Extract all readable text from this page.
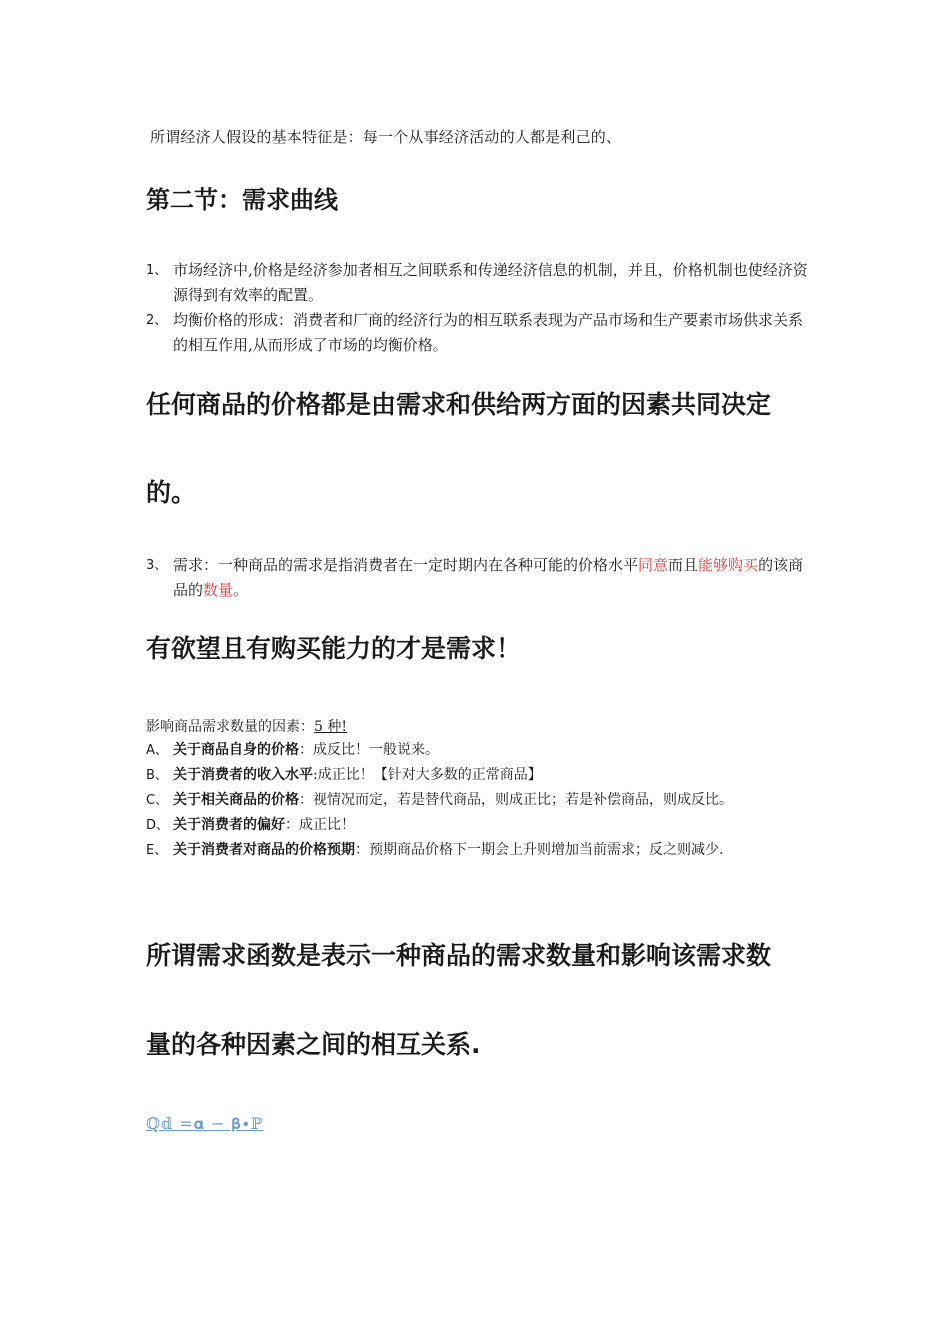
所谓经济人假设的基本特征是：每一个从事经济活动的人都是利己的、
第二节：需求曲线
1、 市场经济中,价格是经济参加者相互之间联系和传递经济信息的机制，并且，价格机制也使经济资源得到有效率的配置。
2、 均衡价格的形成：消费者和厂商的经济行为的相互联系表现为产品市场和生产要素市场供求关系的相互作用,从而形成了市场的均衡价格。
任何商品的价格都是由需求和供给两方面的因素共同决定
的。
3、 需求：一种商品的需求是指消费者在一定时期内在各种可能的价格水平同意而且能够购买的该商品的数量。
有欲望且有购买能力的才是需求！
影响商品需求数量的因素：5 种!
A、 关于商品自身的价格：成反比！一般说来。
B、 关于消费者的收入水平:成正比！【针对大多数的正常商品】
C、 关于相关商品的价格：视情况而定，若是替代商品，则成正比；若是补偿商品，则成反比。
D、 关于消费者的偏好：成正比！
E、 关于消费者对商品的价格预期：预期商品价格下一期会上升则增加当前需求；反之则减少.
所谓需求函数是表示一种商品的需求数量和影响该需求数
量的各种因素之间的相互关系.
ℚ𝕕 =𝛂 − 𝛃∙ℙ
